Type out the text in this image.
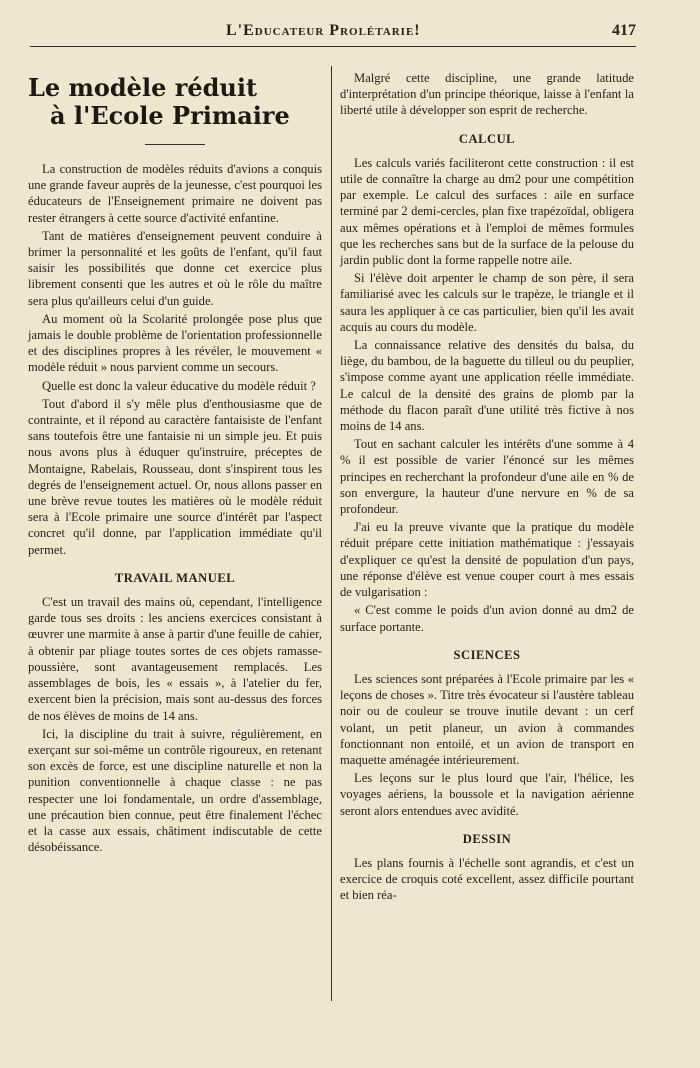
L'Educateur Prolétarie!	417
Le modèle réduit
à l'Ecole Primaire

La construction de modèles réduits d'avions a conquis une grande faveur auprès de la jeunesse, c'est pourquoi les éducateurs de l'Enseignement primaire ne doivent pas rester étrangers à cette source d'activité enfantine.

Tant de matières d'enseignement peuvent conduire à brimer la personnalité et les goûts de l'enfant, qu'il faut saisir les possibilités que donne cet exercice plus librement consenti que les autres et où le rôle du maître sera plus qu'ailleurs celui d'un guide.

Au moment où la Scolarité prolongée pose plus que jamais le double problème de l'orientation professionnelle et des disciplines propres à les révéler, le mouvement « modèle réduit » nous parvient comme un secours.

Quelle est donc la valeur éducative du modèle réduit ?

Tout d'abord il s'y mêle plus d'enthousiasme que de contrainte, et il répond au caractère fantaisiste de l'enfant sans toutefois être une fantaisie ni un simple jeu. Et puis nous avons plus à éduquer qu'instruire, préceptes de Montaigne, Rabelais, Rousseau, dont s'inspirent tous les degrés de l'enseignement actuel. Or, nous allons passer en une brève revue toutes les matières où le modèle réduit sera à l'Ecole primaire une source d'intérêt par l'aspect concret qu'il donne, par l'application immédiate qu'il permet.

TRAVAIL MANUEL

C'est un travail des mains où, cependant, l'intelligence garde tous ses droits : les anciens exercices consistant à œuvrer une marmite à anse à partir d'une feuille de cahier, à obtenir par pliage toutes sortes de ces objets ramasse-poussière, sont avantageusement remplacés. Les assemblages de bois, les « essais », à l'atelier du fer, exercent bien la précision, mais sont au-dessus des forces de nos élèves de moins de 14 ans.

Ici, la discipline du trait à suivre, régulièrement, en exerçant sur soi-même un contrôle rigoureux, en retenant son excès de force, est une discipline naturelle et non la punition conventionnelle à chaque classe : ne pas respecter une loi fondamentale, un ordre d'assemblage, une précaution bien connue, peut être finalement l'échec et la casse aux essais, châtiment indiscutable de cette désobéissance.

Malgré cette discipline, une grande latitude d'interprétation d'un principe théorique, laisse à l'enfant la liberté utile à développer son esprit de recherche.

CALCUL

Les calculs variés faciliteront cette construction : il est utile de connaître la charge au dm2 pour une compétition par exemple. Le calcul des surfaces : aile en surface terminé par 2 demi-cercles, plan fixe trapézoïdal, obligera aux mêmes opérations et à l'emploi de mêmes formules que les recherches sans but de la surface de la pelouse du jardin public dont la forme rappelle notre aile.

Si l'élève doit arpenter le champ de son père, il sera familiarisé avec les calculs sur le trapèze, le triangle et il saura les appliquer à ce cas particulier, bien qu'il les avait acquis au cours du modèle.

La connaissance relative des densités du balsa, du liège, du bambou, de la baguette du tilleul ou du peuplier, s'impose comme ayant une application réelle immédiate. Le calcul de la densité des grains de plomb par la méthode du flacon paraît d'une utilité très fictive à nos moins de 14 ans.

Tout en sachant calculer les intérêts d'une somme à 4 % il est possible de varier l'énoncé sur les mêmes principes en recherchant la profondeur d'une aile en % de son envergure, la hauteur d'une nervure en % de sa profondeur.

J'ai eu la preuve vivante que la pratique du modèle réduit prépare cette initiation mathématique : j'essayais d'expliquer ce qu'est la densité de population d'un pays, une réponse d'élève est venue couper court à mes essais de vulgarisation :

« C'est comme le poids d'un avion donné au dm2 de surface portante.

SCIENCES

Les sciences sont préparées à l'Ecole primaire par les « leçons de choses ». Titre très évocateur si l'austère tableau noir ou de couleur se trouve inutile devant : un cerf volant, un petit planeur, un avion à commandes fonctionnant non entoilé, et un avion de transport en maquette aménagée intérieurement.

Les leçons sur le plus lourd que l'air, l'hélice, les voyages aériens, la boussole et la navigation aérienne seront alors entendues avec avidité.

DESSIN

Les plans fournis à l'échelle sont agrandis, et c'est un exercice de croquis coté excellent, assez difficile pourtant et bien réa-
